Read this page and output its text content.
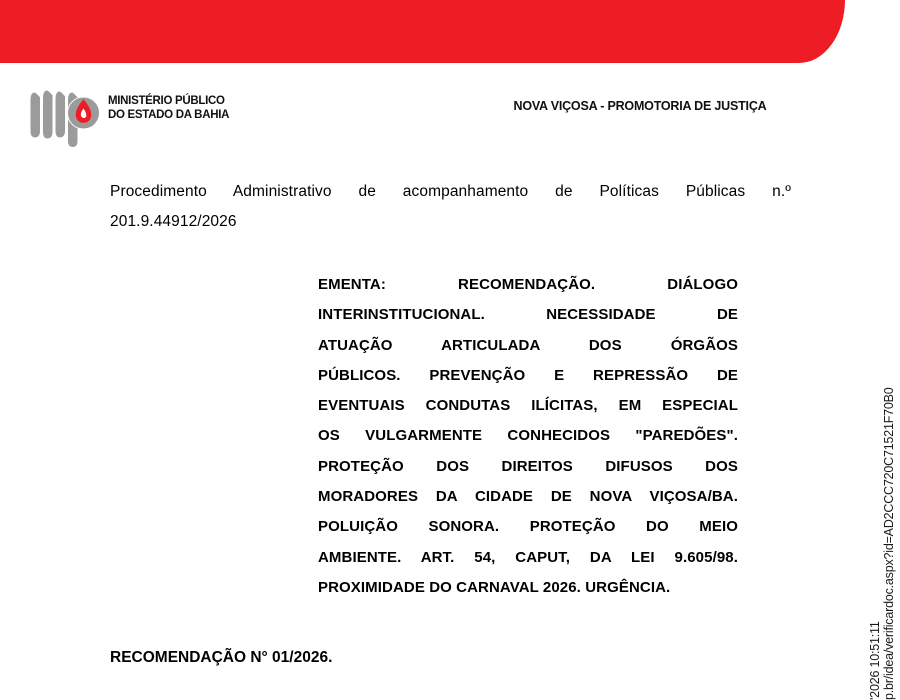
MINISTÉRIO PÚBLICO
DO ESTADO DA BAHIA
NOVA VIÇOSA - PROMOTORIA DE JUSTIÇA
Procedimento Administrativo de acompanhamento de Políticas Públicas n.º
201.9.44912/2026
EMENTA: RECOMENDAÇÃO. DIÁLOGO
INTERINSTITUCIONAL. NECESSIDADE DE
ATUAÇÃO ARTICULADA DOS ÓRGÃOS
PÚBLICOS. PREVENÇÃO E REPRESSÃO DE
EVENTUAIS CONDUTAS ILÍCITAS, EM ESPECIAL
OS VULGARMENTE CONHECIDOS "PAREDÕES".
PROTEÇÃO DOS DIREITOS DIFUSOS DOS
MORADORES DA CIDADE DE NOVA VIÇOSA/BA.
POLUIÇÃO SONORA. PROTEÇÃO DO MEIO
AMBIENTE. ART. 54, CAPUT, DA LEI 9.605/98.
PROXIMIDADE DO CARNAVAL 2026. URGÊNCIA.
RECOMENDAÇÃO N° 01/2026.	'2026 10:51:11 p.br/idea/verificardoc.aspx?id=AD2CCC720C71521F70B0
